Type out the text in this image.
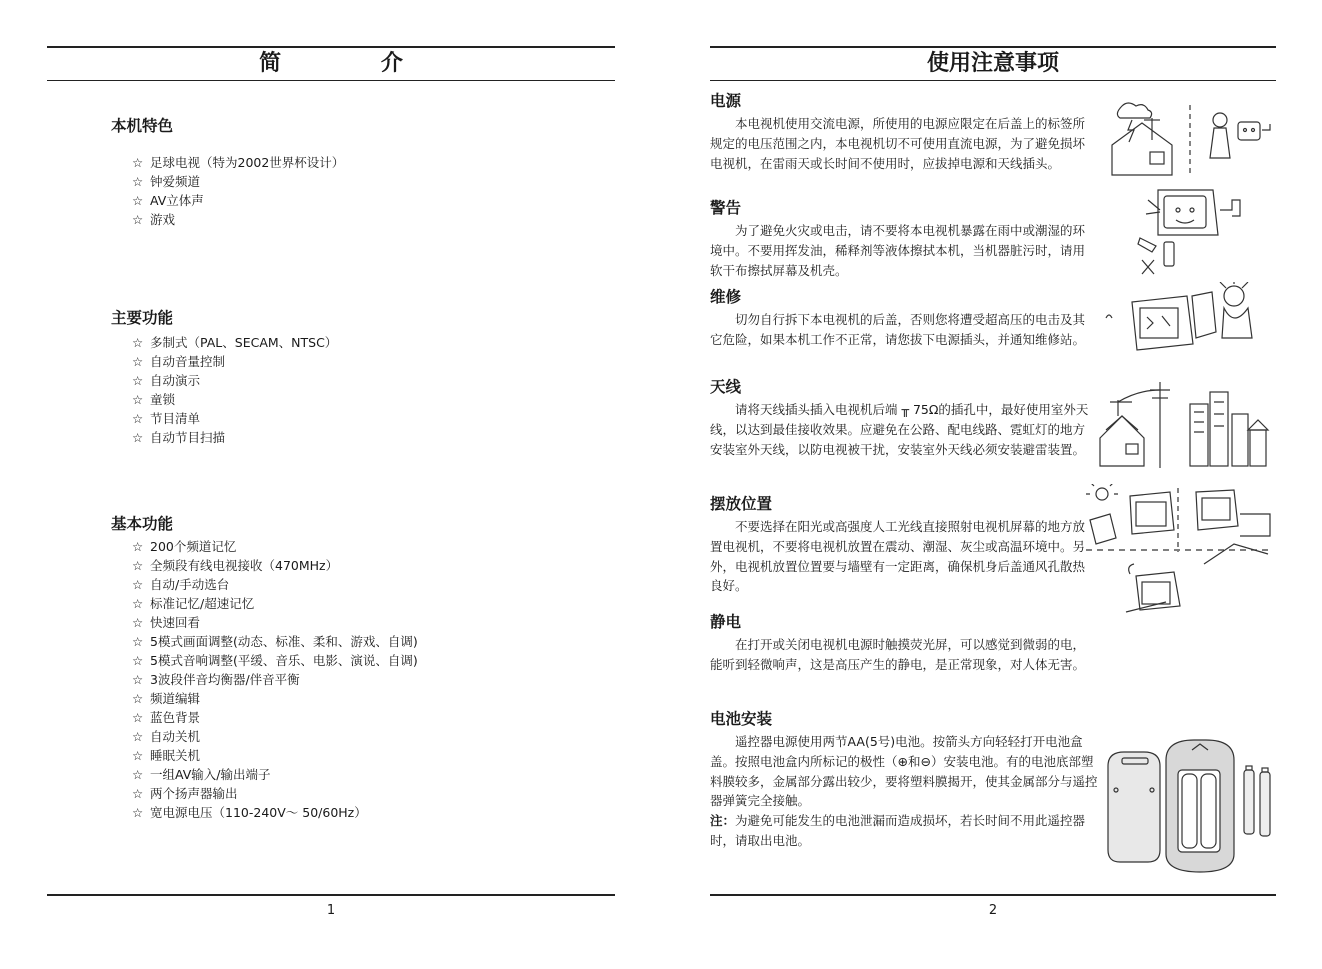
简 介
本机特色
☆ 足球电视（特为2002世界杯设计）
☆ 钟爱频道
☆ AV立体声
☆ 游戏
主要功能
☆ 多制式（PAL、SECAM、NTSC）
☆ 自动音量控制
☆ 自动演示
☆ 童锁
☆ 节目清单
☆ 自动节目扫描
基本功能
☆ 200个频道记忆
☆ 全频段有线电视接收（470MHz）
☆ 自动/手动选台
☆ 标准记忆/超速记忆
☆ 快速回看
☆ 5模式画面调整(动态、标准、柔和、游戏、自调)
☆ 5模式音响调整(平缓、音乐、电影、演说、自调)
☆ 3波段伴音均衡器/伴音平衡
☆ 频道编辑
☆ 蓝色背景
☆ 自动关机
☆ 睡眠关机
☆ 一组AV输入/输出端子
☆ 两个扬声器输出
☆ 宽电源电压（110-240V～ 50/60Hz）
1
使用注意事项
电源

本电视机使用交流电源，所使用的电源应限定在后盖上的标签所规定的电压范围之内，本电视机切不可使用直流电源，为了避免损坏电视机，在雷雨天或长时间不使用时，应拔掉电源和天线插头。

警告

为了避免火灾或电击，请不要将本电视机暴露在雨中或潮湿的环境中。不要用挥发油，稀释剂等液体擦拭本机，当机器脏污时，请用软干布擦拭屏幕及机壳。

维修

切勿自行拆下本电视机的后盖，否则您将遭受超高压的电击及其它危险，如果本机工作不正常，请您拔下电源插头，并通知维修站。

天线

请将天线插头插入电视机后端 ╥ 75Ω的插孔中，最好使用室外天线，以达到最佳接收效果。应避免在公路、配电线路、霓虹灯的地方安装室外天线，以防电视被干扰，安装室外天线必须安装避雷装置。

摆放位置

不要选择在阳光或高强度人工光线直接照射电视机屏幕的地方放置电视机，不要将电视机放置在震动、潮湿、灰尘或高温环境中。另外，电视机放置位置要与墙壁有一定距离，确保机身后盖通风孔散热良好。

静电

在打开或关闭电视机电源时触摸荧光屏，可以感觉到微弱的电，能听到轻微响声，这是高压产生的静电，是正常现象，对人体无害。

电池安装

遥控器电源使用两节AA(5号)电池。按箭头方向轻轻打开电池盒盖。按照电池盒内所标记的极性（⊕和⊖）安装电池。有的电池底部塑料膜较多，金属部分露出较少，要将塑料膜揭开，使其金属部分与遥控器弹簧完全接触。

注：为避免可能发生的电池泄漏而造成损坏，若长时间不用此遥控器时，请取出电池。

2
